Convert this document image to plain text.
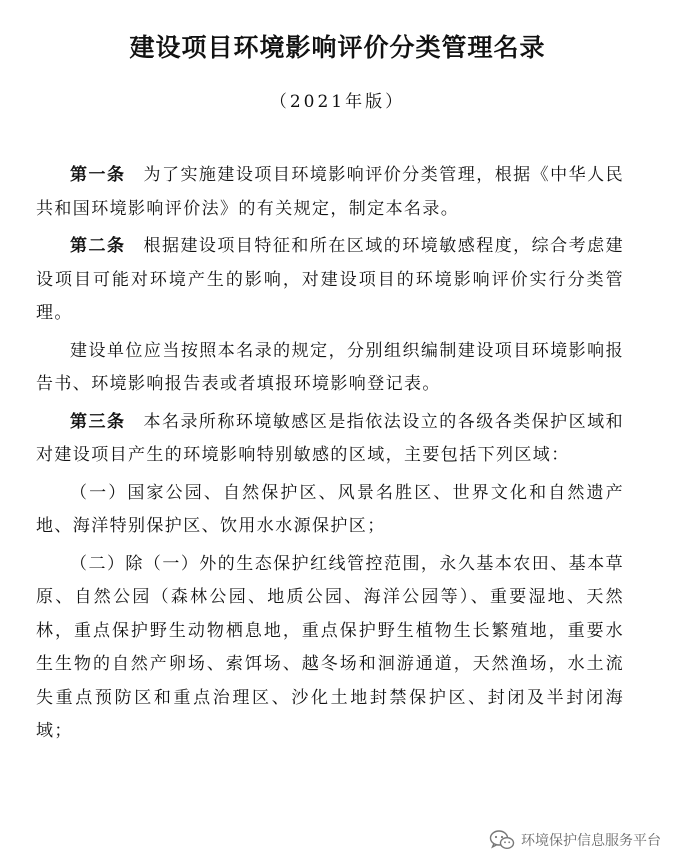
建设项目环境影响评价分类管理名录
（2021年版）

第一条 为了实施建设项目环境影响评价分类管理，根据《中华人民共和国环境影响评价法》的有关规定，制定本名录。

第二条 根据建设项目特征和所在区域的环境敏感程度，综合考虑建设项目可能对环境产生的影响，对建设项目的环境影响评价实行分类管理。

建设单位应当按照本名录的规定，分别组织编制建设项目环境影响报告书、环境影响报告表或者填报环境影响登记表。

第三条 本名录所称环境敏感区是指依法设立的各级各类保护区域和对建设项目产生的环境影响特别敏感的区域，主要包括下列区域：

（一）国家公园、自然保护区、风景名胜区、世界文化和自然遗产地、海洋特别保护区、饮用水水源保护区；

（二）除（一）外的生态保护红线管控范围，永久基本农田、基本草原、自然公园（森林公园、地质公园、海洋公园等）、重要湿地、天然林，重点保护野生动物栖息地，重点保护野生植物生长繁殖地，重要水生生物的自然产卵场、索饵场、越冬场和洄游通道，天然渔场，水土流失重点预防区和重点治理区、沙化土地封禁保护区、封闭及半封闭海域；

环境保护信息服务平台
